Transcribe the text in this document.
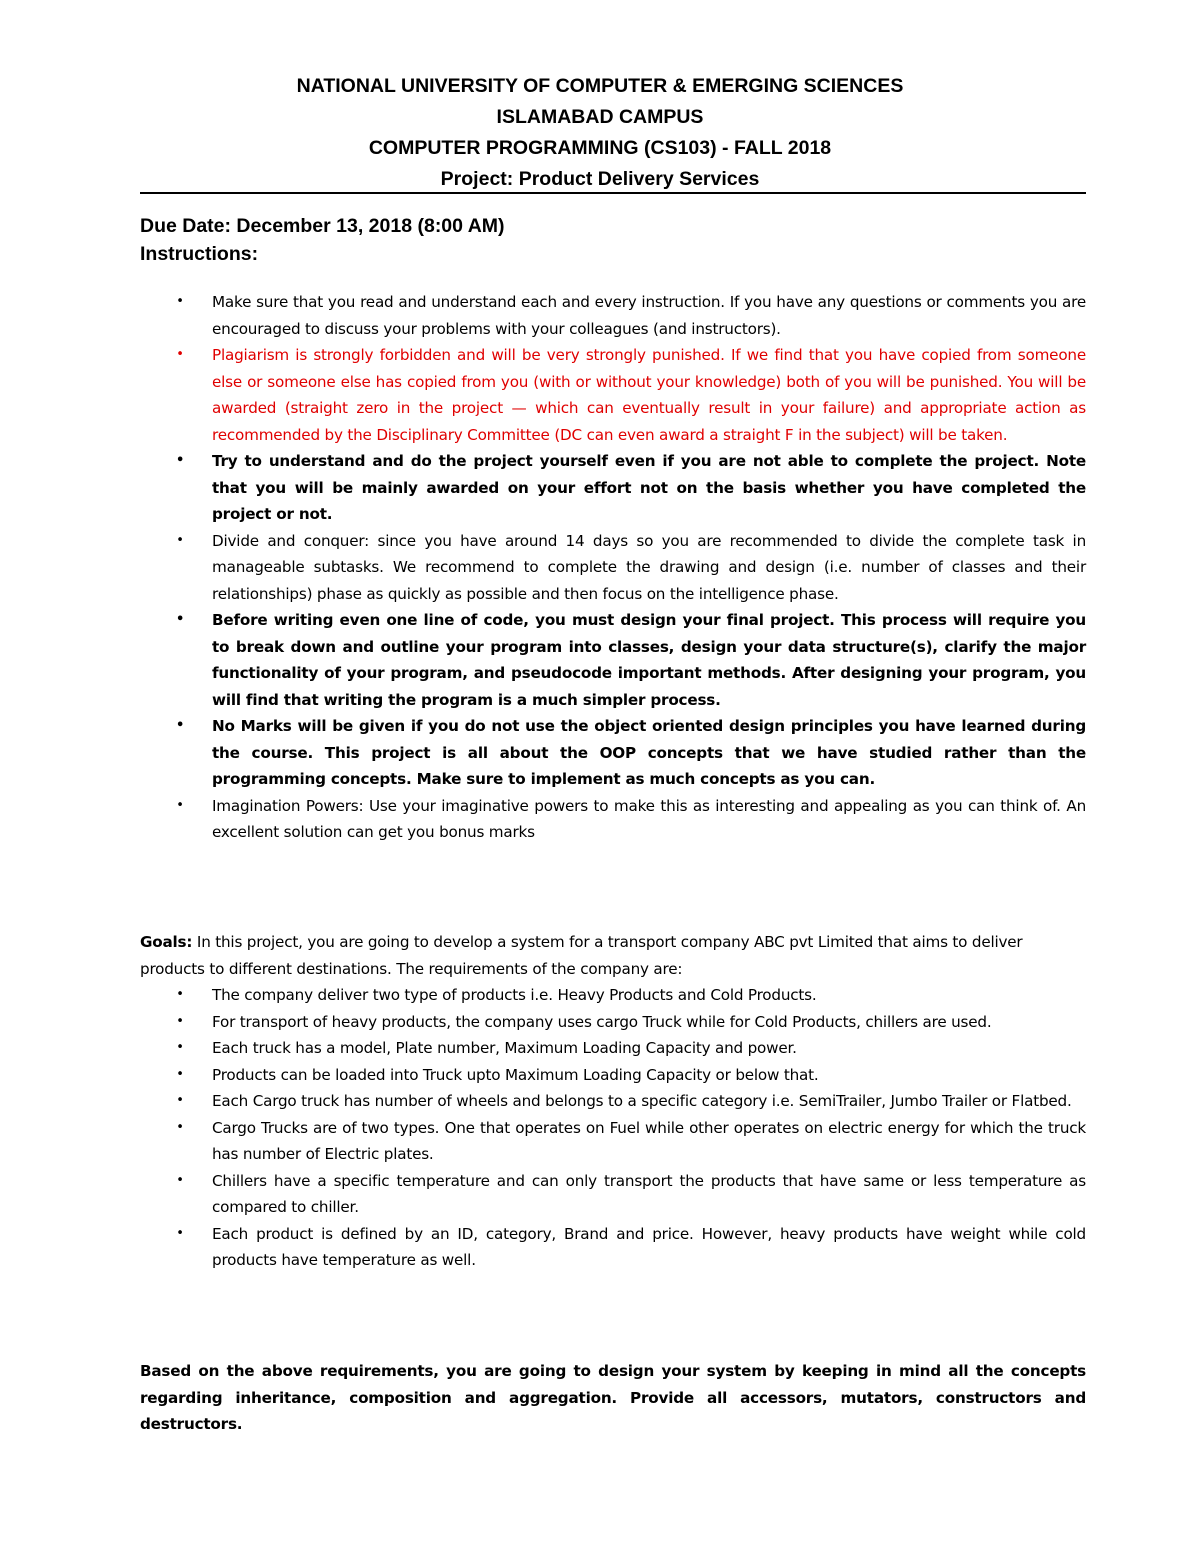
NATIONAL UNIVERSITY OF COMPUTER & EMERGING SCIENCES
ISLAMABAD CAMPUS
COMPUTER PROGRAMMING (CS103) - FALL 2018
Project: Product Delivery Services
Due Date: December 13, 2018 (8:00 AM)
Instructions:
• Make sure that you read and understand each and every instruction. If you have any questions or comments you are encouraged to discuss your problems with your colleagues (and instructors).
• Plagiarism is strongly forbidden and will be very strongly punished. If we find that you have copied from someone else or someone else has copied from you (with or without your knowledge) both of you will be punished. You will be awarded (straight zero in the project — which can eventually result in your failure) and appropriate action as recommended by the Disciplinary Committee (DC can even award a straight F in the subject) will be taken.
• Try to understand and do the project yourself even if you are not able to complete the project. Note that you will be mainly awarded on your effort not on the basis whether you have completed the project or not.
• Divide and conquer: since you have around 14 days so you are recommended to divide the complete task in manageable subtasks. We recommend to complete the drawing and design (i.e. number of classes and their relationships) phase as quickly as possible and then focus on the intelligence phase.
• Before writing even one line of code, you must design your final project. This process will require you to break down and outline your program into classes, design your data structure(s), clarify the major functionality of your program, and pseudocode important methods. After designing your program, you will find that writing the program is a much simpler process.
• No Marks will be given if you do not use the object oriented design principles you have learned during the course. This project is all about the OOP concepts that we have studied rather than the programming concepts. Make sure to implement as much concepts as you can.
• Imagination Powers: Use your imaginative powers to make this as interesting and appealing as you can think of. An excellent solution can get you bonus marks
Goals: In this project, you are going to develop a system for a transport company ABC pvt Limited that aims to deliver products to different destinations. The requirements of the company are:
• The company deliver two type of products i.e. Heavy Products and Cold Products.
• For transport of heavy products, the company uses cargo Truck while for Cold Products, chillers are used.
• Each truck has a model, Plate number, Maximum Loading Capacity and power.
• Products can be loaded into Truck upto Maximum Loading Capacity or below that.
• Each Cargo truck has number of wheels and belongs to a specific category i.e. SemiTrailer, Jumbo Trailer or Flatbed.
• Cargo Trucks are of two types. One that operates on Fuel while other operates on electric energy for which the truck has number of Electric plates.
• Chillers have a specific temperature and can only transport the products that have same or less temperature as compared to chiller.
• Each product is defined by an ID, category, Brand and price. However, heavy products have weight while cold products have temperature as well.
Based on the above requirements, you are going to design your system by keeping in mind all the concepts regarding inheritance, composition and aggregation. Provide all accessors, mutators, constructors and destructors.
